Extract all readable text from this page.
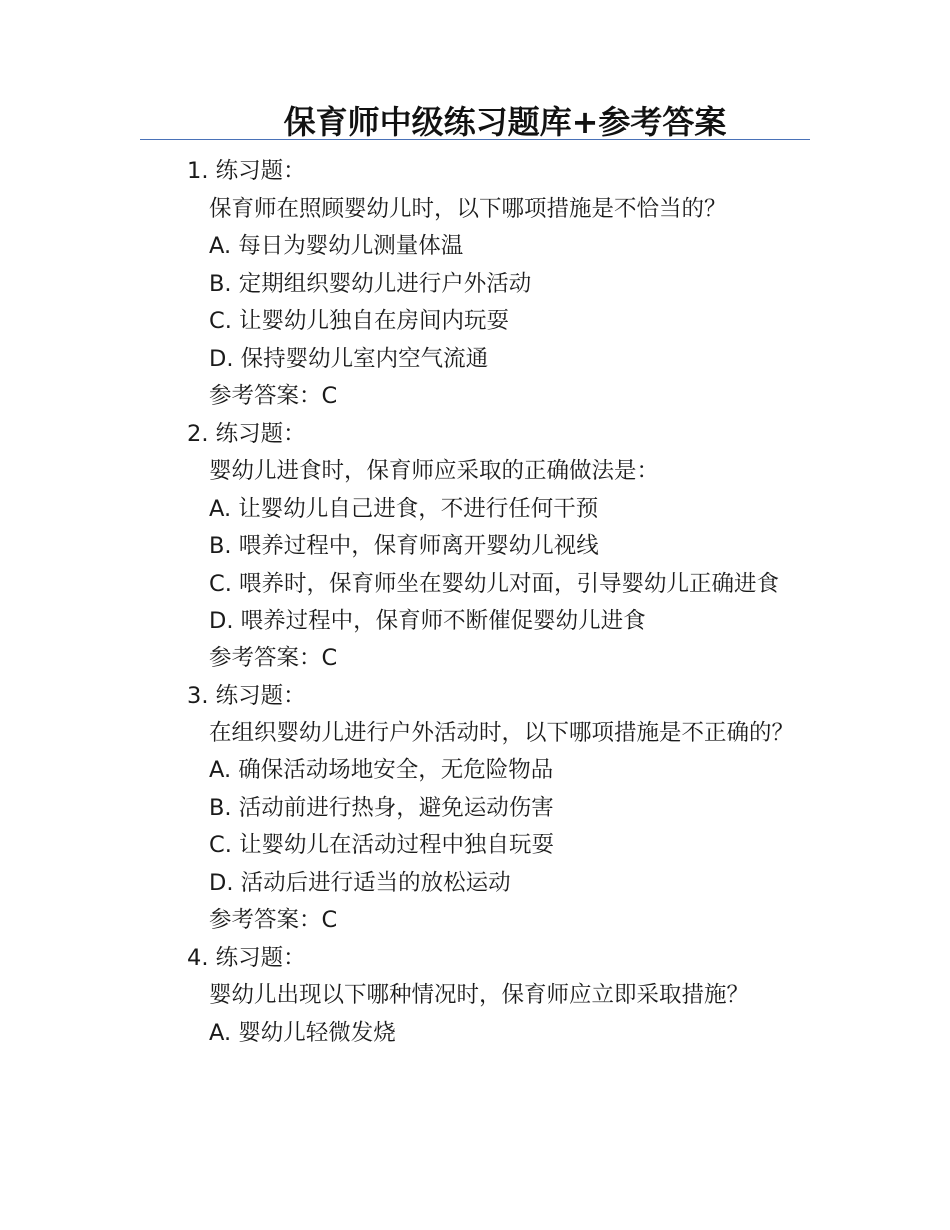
保育师中级练习题库+参考答案
1. 练习题：
保育师在照顾婴幼儿时，以下哪项措施是不恰当的？
A. 每日为婴幼儿测量体温
B. 定期组织婴幼儿进行户外活动
C. 让婴幼儿独自在房间内玩耍
D. 保持婴幼儿室内空气流通
参考答案：C
2. 练习题：
婴幼儿进食时，保育师应采取的正确做法是：
A. 让婴幼儿自己进食，不进行任何干预
B. 喂养过程中，保育师离开婴幼儿视线
C. 喂养时，保育师坐在婴幼儿对面，引导婴幼儿正确进食
D. 喂养过程中，保育师不断催促婴幼儿进食
参考答案：C
3. 练习题：
在组织婴幼儿进行户外活动时，以下哪项措施是不正确的？
A. 确保活动场地安全，无危险物品
B. 活动前进行热身，避免运动伤害
C. 让婴幼儿在活动过程中独自玩耍
D. 活动后进行适当的放松运动
参考答案：C
4. 练习题：
婴幼儿出现以下哪种情况时，保育师应立即采取措施？
A. 婴幼儿轻微发烧
